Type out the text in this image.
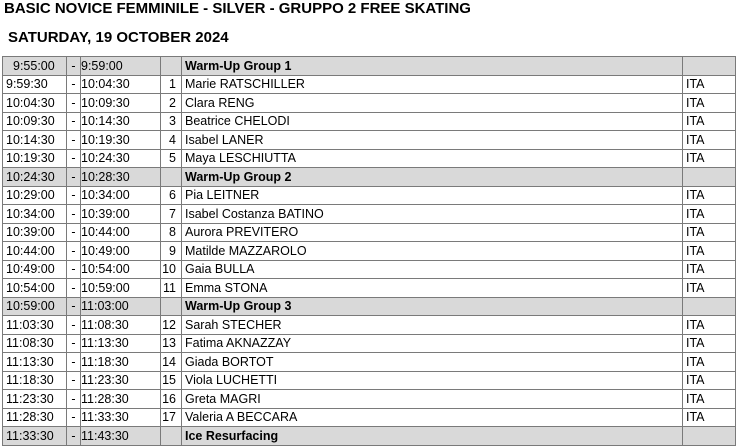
BASIC NOVICE FEMMINILE - SILVER - GRUPPO 2 FREE SKATING
SATURDAY, 19 OCTOBER 2024
9:55:00	-	9:59:00		Warm-Up Group 1	
9:59:30	-	10:04:30	1	Marie RATSCHILLER	ITA
10:04:30	-	10:09:30	2	Clara RENG	ITA
10:09:30	-	10:14:30	3	Beatrice CHELODI	ITA
10:14:30	-	10:19:30	4	Isabel LANER	ITA
10:19:30	-	10:24:30	5	Maya LESCHIUTTA	ITA
10:24:30	-	10:28:30		Warm-Up Group 2	
10:29:00	-	10:34:00	6	Pia LEITNER	ITA
10:34:00	-	10:39:00	7	Isabel Costanza BATINO	ITA
10:39:00	-	10:44:00	8	Aurora PREVITERO	ITA
10:44:00	-	10:49:00	9	Matilde MAZZAROLO	ITA
10:49:00	-	10:54:00	10	Gaia BULLA	ITA
10:54:00	-	10:59:00	11	Emma STONA	ITA
10:59:00	-	11:03:00		Warm-Up Group 3	
11:03:30	-	11:08:30	12	Sarah STECHER	ITA
11:08:30	-	11:13:30	13	Fatima AKNAZZAY	ITA
11:13:30	-	11:18:30	14	Giada BORTOT	ITA
11:18:30	-	11:23:30	15	Viola LUCHETTI	ITA
11:23:30	-	11:28:30	16	Greta MAGRI	ITA
11:28:30	-	11:33:30	17	Valeria A BECCARA	ITA
11:33:30	-	11:43:30		Ice Resurfacing	
